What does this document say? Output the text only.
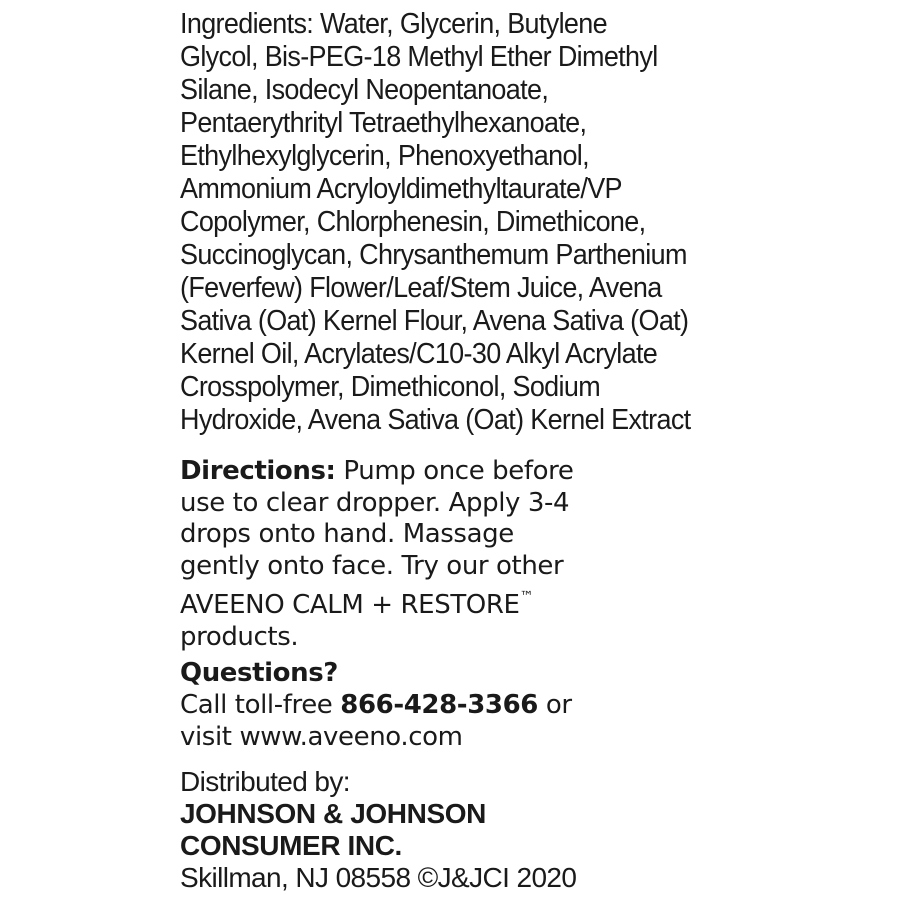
Ingredients: Water, Glycerin, Butylene

Glycol, Bis-PEG-18 Methyl Ether Dimethyl

Silane, Isodecyl Neopentanoate,

Pentaerythrityl Tetraethylhexanoate,

Ethylhexylglycerin, Phenoxyethanol,

Ammonium Acryloyldimethyltaurate/VP

Copolymer, Chlorphenesin, Dimethicone,

Succinoglycan, Chrysanthemum Parthenium

(Feverfew) Flower/Leaf/Stem Juice, Avena

Sativa (Oat) Kernel Flour, Avena Sativa (Oat)

Kernel Oil, Acrylates/C10-30 Alkyl Acrylate

Crosspolymer, Dimethiconol, Sodium

Hydroxide, Avena Sativa (Oat) Kernel Extract

Directions: Pump once before

use to clear dropper. Apply 3-4

drops onto hand. Massage

gently onto face. Try our other

AVEENO CALM + RESTORE™

products.

Questions?

Call toll-free 866-428-3366 or

visit www.aveeno.com

Distributed by:

JOHNSON & JOHNSON

CONSUMER INC.

Skillman, NJ 08558 ©J&JCI 2020
